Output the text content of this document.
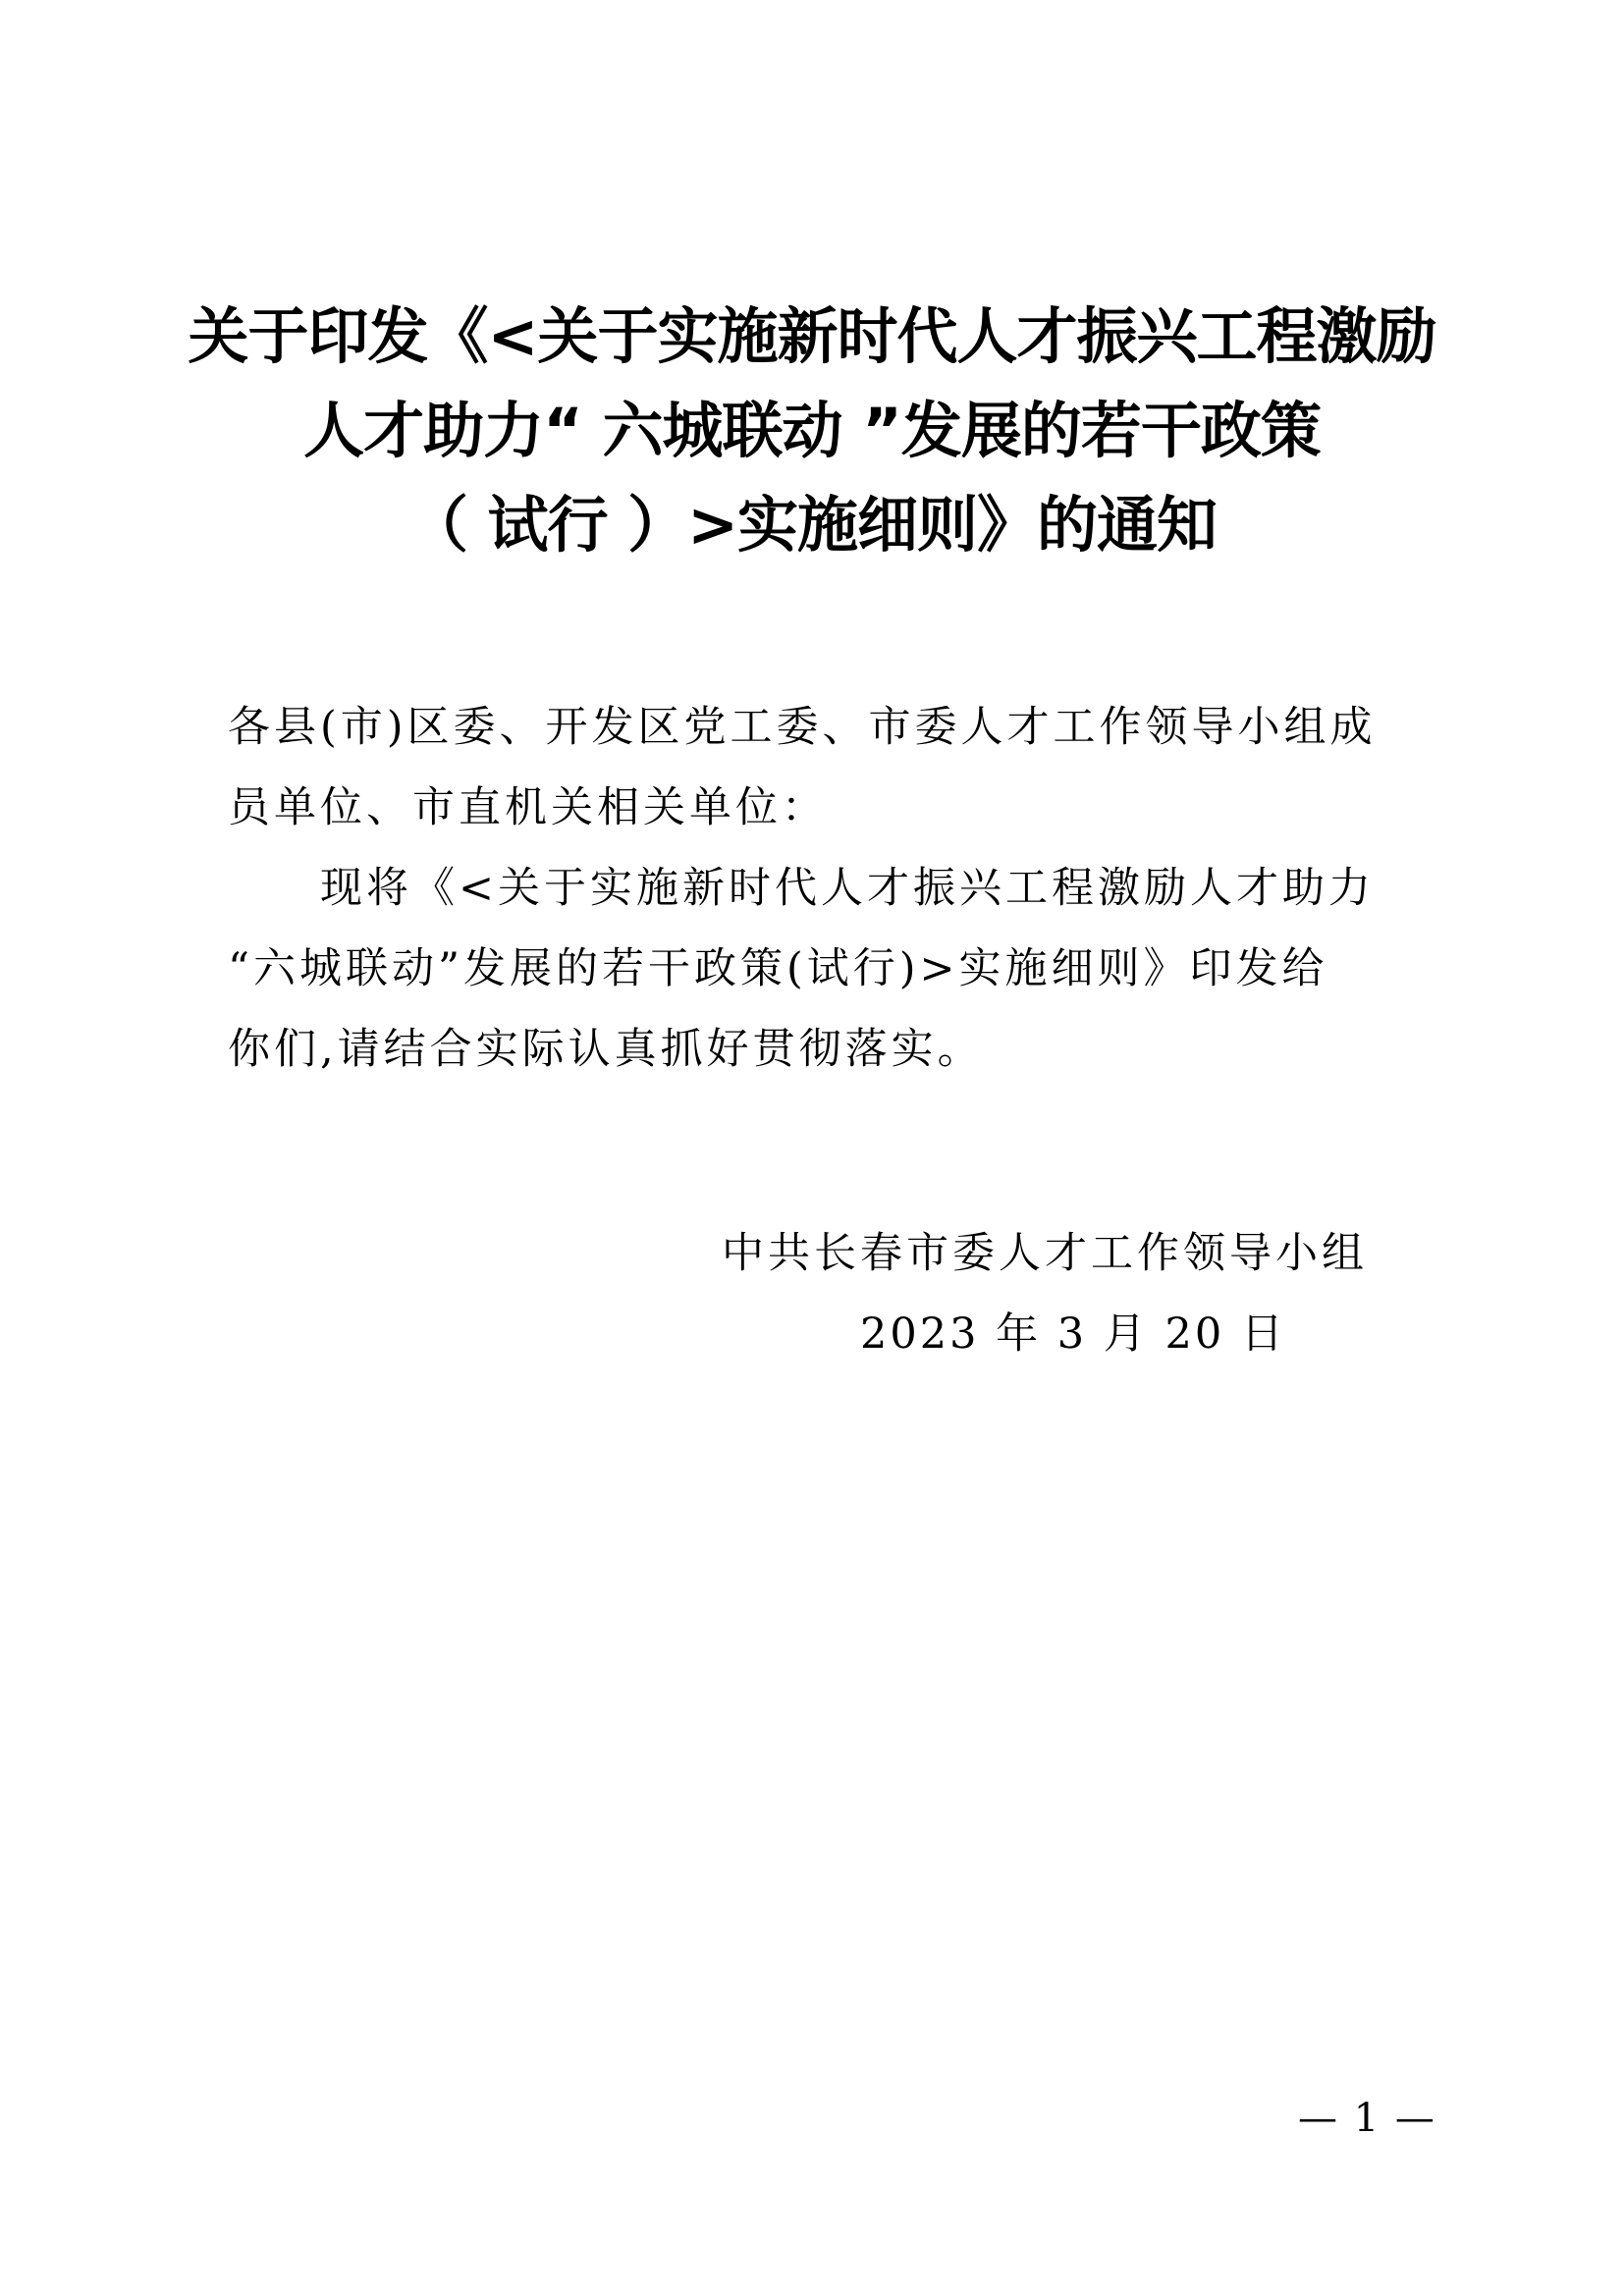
关于印发《<关于实施新时代人才振兴工程激励
人才助力“ 六城联动 ”发展的若干政策
（ 试行 ）>实施细则》的通知
各县(市)区委、开发区党工委、市委人才工作领导小组成
员单位、市直机关相关单位：
现将《<关于实施新时代人才振兴工程激励人才助力
“六城联动”发展的若干政策(试行)>实施细则》印发给
你们,请结合实际认真抓好贯彻落实。
中共长春市委人才工作领导小组
2023 年 3 月 20 日
— 1 —
